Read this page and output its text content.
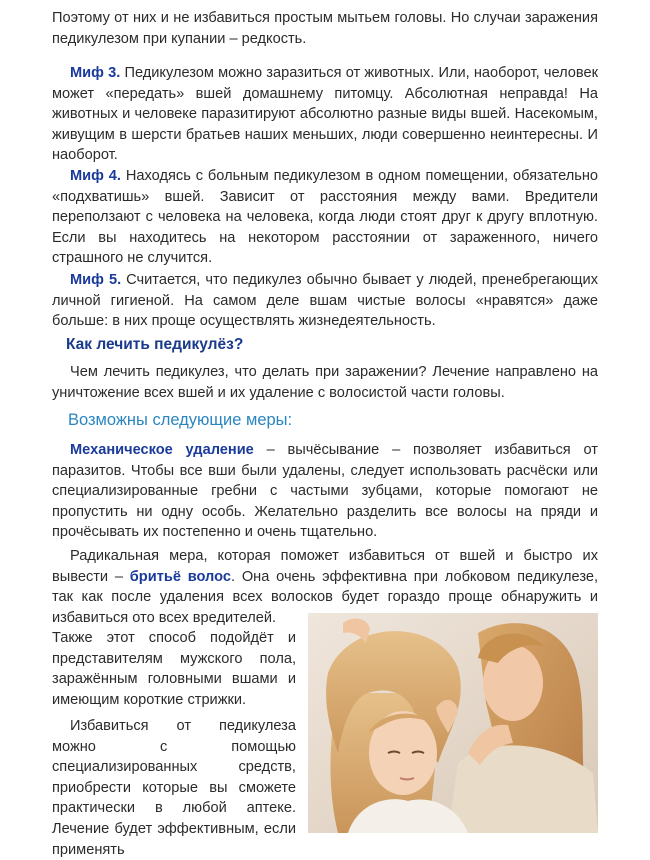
Поэтому от них и не избавиться простым мытьем головы. Но случаи заражения педикулезом при купании – редкость.

Миф 3. Педикулезом можно заразиться от животных. Или, наоборот, человек может «передать» вшей домашнему питомцу. Абсолютная неправда! На животных и человеке паразитируют абсолютно разные виды вшей. Насекомым, живущим в шерсти братьев наших меньших, люди совершенно неинтересны. И наоборот.

Миф 4. Находясь с больным педикулезом в одном помещении, обязательно «подхватишь» вшей. Зависит от расстояния между вами. Вредители переползают с человека на человека, когда люди стоят друг к другу вплотную. Если вы находитесь на некотором расстоянии от зараженного, ничего страшного не случится.

Миф 5. Считается, что педикулез обычно бывает у людей, пренебрегающих личной гигиеной. На самом деле вшам чистые волосы «нравятся» даже больше: в них проще осуществлять жизнедеятельность.

Как лечить педикулёз?

Чем лечить педикулез, что делать при заражении? Лечение направлено на уничтожение всех вшей и их удаление с волосистой части головы.

Возможны следующие меры:

Механическое удаление – вычёсывание – позволяет избавиться от паразитов. Чтобы все вши были удалены, следует использовать расчёски или специализированные гребни с частыми зубцами, которые помогают не пропустить ни одну особь. Желательно разделить все волосы на пряди и прочёсывать их постепенно и очень тщательно.

Радикальная мера, которая поможет избавиться от вшей и быстро их вывести – бритьё волос. Она очень эффективна при лобковом педикулезе, так как после удаления всех волосков будет гораздо проще обнаружить и избавиться ото всех вредителей.

Также этот способ подойдёт и представителям мужского пола, заражённым головными вшами и имеющим короткие стрижки.

Избавиться от педикулеза можно с помощью специализированных средств, приобрести которые вы сможете практически в любой аптеке. Лечение будет эффективным, если применять
